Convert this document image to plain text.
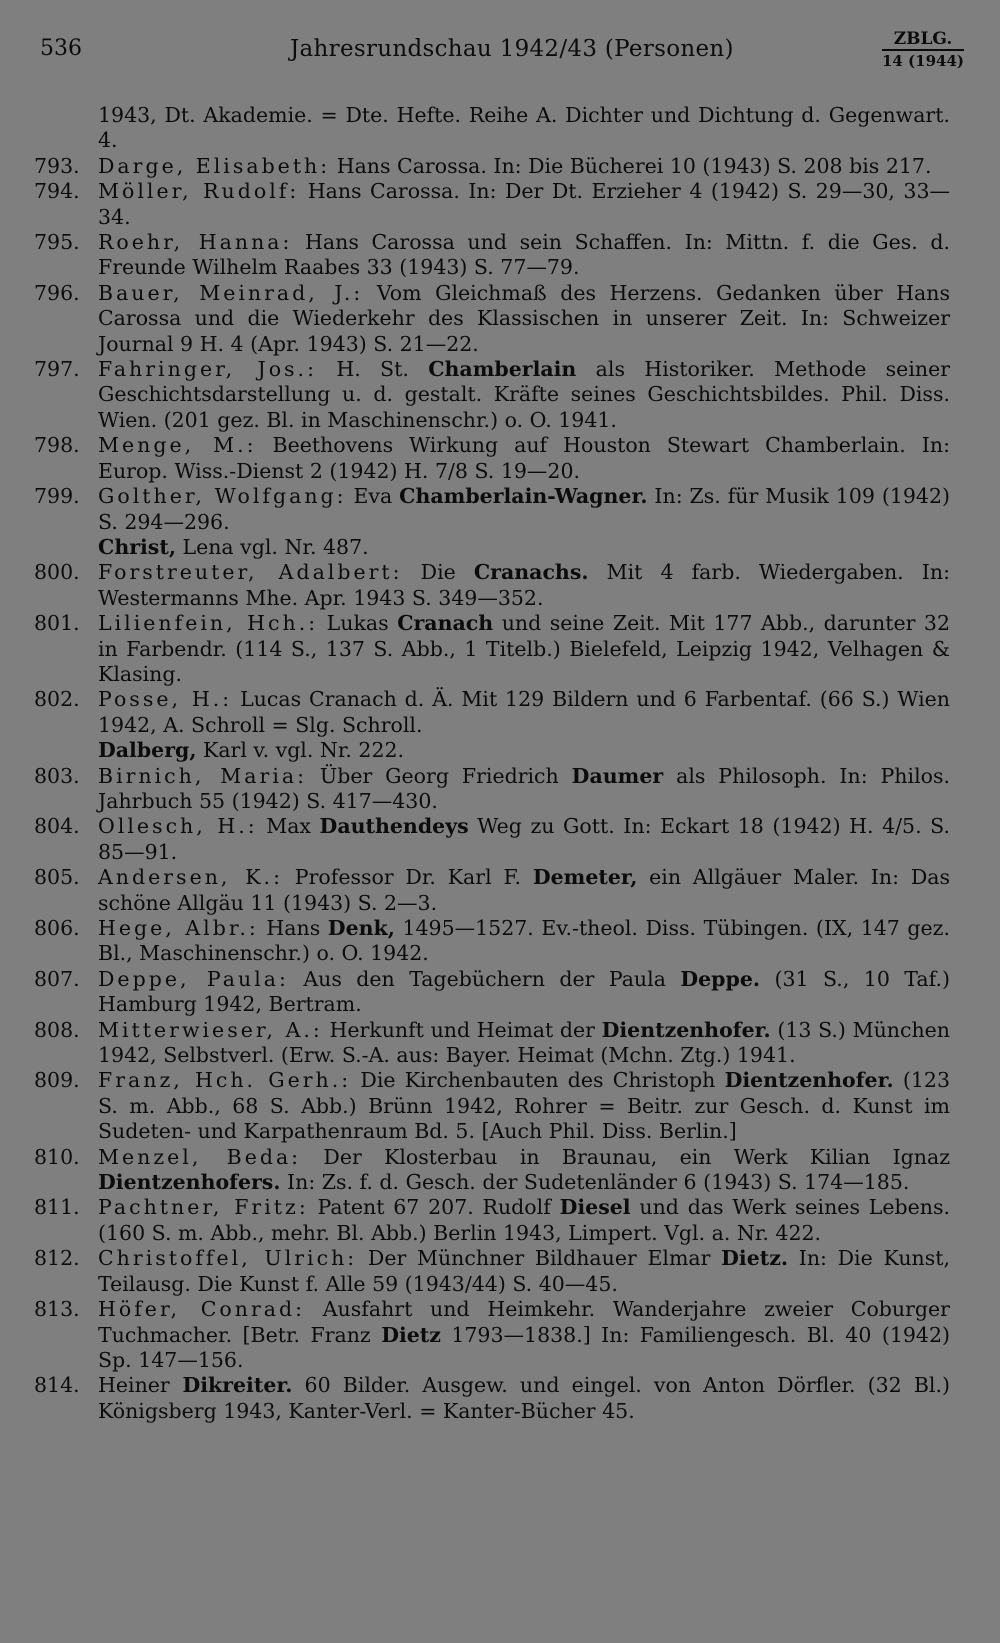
536	Jahresrundschau 1942/43 (Personen)	ZBLG.
14 (1944)
1943, Dt. Akademie. = Dte. Hefte. Reihe A. Dichter und Dichtung d. Gegenwart. 4.
793. Darge, Elisabeth: Hans Carossa. In: Die Bücherei 10 (1943) S. 208 bis 217.
794. Möller, Rudolf: Hans Carossa. In: Der Dt. Erzieher 4 (1942) S. 29—30, 33—34.
795. Roehr, Hanna: Hans Carossa und sein Schaffen. In: Mittn. f. die Ges. d. Freunde Wilhelm Raabes 33 (1943) S. 77—79.
796. Bauer, Meinrad, J.: Vom Gleichmaß des Herzens. Gedanken über Hans Carossa und die Wiederkehr des Klassischen in unserer Zeit. In: Schweizer Journal 9 H. 4 (Apr. 1943) S. 21—22.
797. Fahringer, Jos.: H. St. Chamberlain als Historiker. Methode seiner Geschichtsdarstellung u. d. gestalt. Kräfte seines Geschichtsbildes. Phil. Diss. Wien. (201 gez. Bl. in Maschinenschr.) o. O. 1941.
798. Menge, M.: Beethovens Wirkung auf Houston Stewart Chamberlain. In: Europ. Wiss.-Dienst 2 (1942) H. 7/8 S. 19—20.
799. Golther, Wolfgang: Eva Chamberlain-Wagner. In: Zs. für Musik 109 (1942) S. 294—296.
Christ, Lena vgl. Nr. 487.
800. Forstreuter, Adalbert: Die Cranachs. Mit 4 farb. Wiedergaben. In: Westermanns Mhe. Apr. 1943 S. 349—352.
801. Lilienfein, Hch.: Lukas Cranach und seine Zeit. Mit 177 Abb., darunter 32 in Farbendr. (114 S., 137 S. Abb., 1 Titelb.) Bielefeld, Leipzig 1942, Velhagen & Klasing.
802. Posse, H.: Lucas Cranach d. Ä. Mit 129 Bildern und 6 Farbentaf. (66 S.) Wien 1942, A. Schroll = Slg. Schroll.
Dalberg, Karl v. vgl. Nr. 222.
803. Birnich, Maria: Über Georg Friedrich Daumer als Philosoph. In: Philos. Jahrbuch 55 (1942) S. 417—430.
804. Ollesch, H.: Max Dauthendeys Weg zu Gott. In: Eckart 18 (1942) H. 4/5. S. 85—91.
805. Andersen, K.: Professor Dr. Karl F. Demeter, ein Allgäuer Maler. In: Das schöne Allgäu 11 (1943) S. 2—3.
806. Hege, Albr.: Hans Denk, 1495—1527. Ev.-theol. Diss. Tübingen. (IX, 147 gez. Bl., Maschinenschr.) o. O. 1942.
807. Deppe, Paula: Aus den Tagebüchern der Paula Deppe. (31 S., 10 Taf.) Hamburg 1942, Bertram.
808. Mitterwieser, A.: Herkunft und Heimat der Dientzenhofer. (13 S.) München 1942, Selbstverl. (Erw. S.-A. aus: Bayer. Heimat (Mchn. Ztg.) 1941.
809. Franz, Hch. Gerh.: Die Kirchenbauten des Christoph Dientzenhofer. (123 S. m. Abb., 68 S. Abb.) Brünn 1942, Rohrer = Beitr. zur Gesch. d. Kunst im Sudeten- und Karpathenraum Bd. 5. [Auch Phil. Diss. Berlin.]
810. Menzel, Beda: Der Klosterbau in Braunau, ein Werk Kilian Ignaz Dientzenhofers. In: Zs. f. d. Gesch. der Sudetenländer 6 (1943) S. 174—185.
811. Pachtner, Fritz: Patent 67 207. Rudolf Diesel und das Werk seines Lebens. (160 S. m. Abb., mehr. Bl. Abb.) Berlin 1943, Limpert. Vgl. a. Nr. 422.
812. Christoffel, Ulrich: Der Münchner Bildhauer Elmar Dietz. In: Die Kunst, Teilausg. Die Kunst f. Alle 59 (1943/44) S. 40—45.
813. Höfer, Conrad: Ausfahrt und Heimkehr. Wanderjahre zweier Coburger Tuchmacher. [Betr. Franz Dietz 1793—1838.] In: Familiengesch. Bl. 40 (1942) Sp. 147—156.
814. Heiner Dikreiter. 60 Bilder. Ausgew. und eingel. von Anton Dörfler. (32 Bl.) Königsberg 1943, Kanter-Verl. = Kanter-Bücher 45.
